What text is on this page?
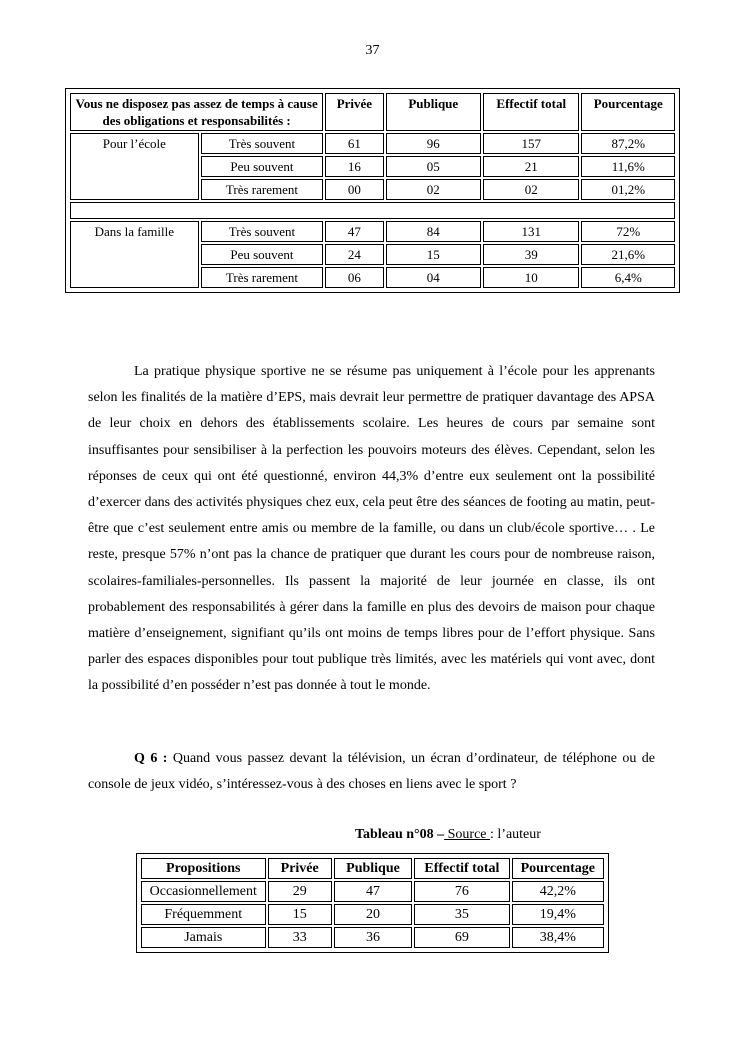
37
Vous ne disposez pas assez de temps à cause des obligations et responsabilités :		Privée	Publique	Effectif total	Pourcentage
Pour l’école	Très souvent	61	96	157	87,2%
	Peu souvent	16	05	21	11,6%
	Très rarement	00	02	02	01,2%

Dans la famille	Très souvent	47	84	131	72%
	Peu souvent	24	15	39	21,6%
	Très rarement	06	04	10	6,4%

La pratique physique sportive ne se résume pas uniquement à l’école pour les apprenants selon les finalités de la matière d’EPS, mais devrait leur permettre de pratiquer davantage des APSA de leur choix en dehors des établissements scolaire. Les heures de cours par semaine sont insuffisantes pour sensibiliser à la perfection les pouvoirs moteurs des élèves. Cependant, selon les réponses de ceux qui ont été questionné, environ 44,3% d’entre eux seulement ont la possibilité d’exercer dans des activités physiques chez eux, cela peut être des séances de footing au matin, peut-être que c’est seulement entre amis ou membre de la famille, ou dans un club/école sportive… . Le reste, presque 57% n’ont pas la chance de pratiquer que durant les cours pour de nombreuse raison, scolaires-familiales-personnelles. Ils passent la majorité de leur journée en classe, ils ont probablement des responsabilités à gérer dans la famille en plus des devoirs de maison pour chaque matière d’enseignement, signifiant qu’ils ont moins de temps libres pour de l’effort physique. Sans parler des espaces disponibles pour tout publique très limités, avec les matériels qui vont avec, dont la possibilité d’en posséder n’est pas donnée à tout le monde.

Q 6 : Quand vous passez devant la télévision, un écran d’ordinateur, de téléphone ou de console de jeux vidéo, s’intéressez-vous à des choses en liens avec le sport ?

Tableau n°08 – Source : l’auteur
Propositions	Privée	Publique	Effectif total	Pourcentage
Occasionnellement	29	47	76	42,2%
Fréquemment	15	20	35	19,4%
Jamais	33	36	69	38,4%
